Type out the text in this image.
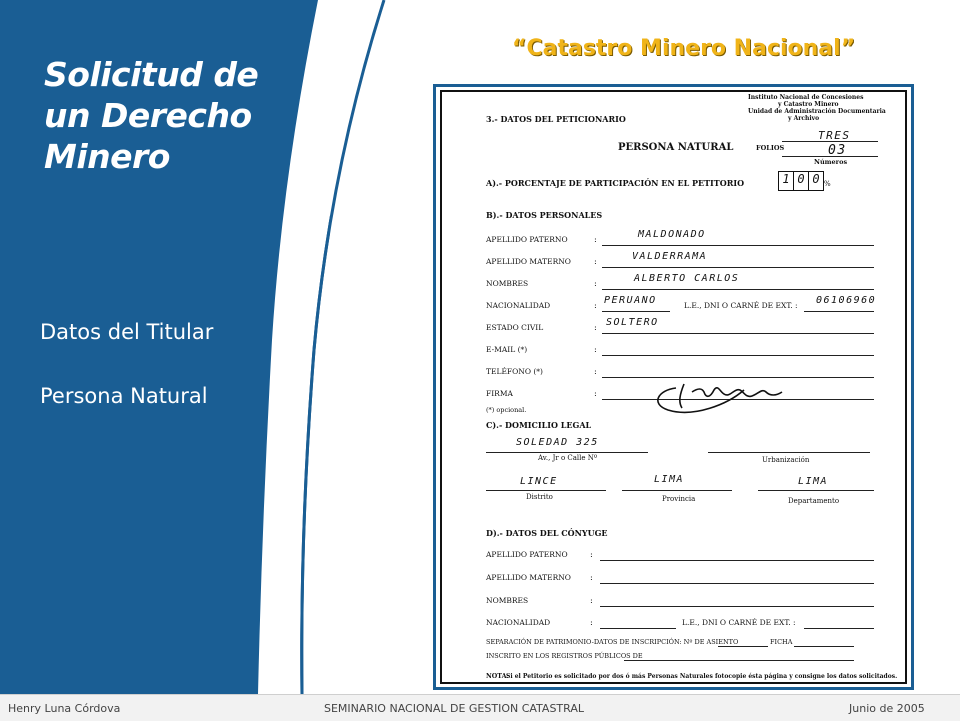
Solicitud de
un Derecho
Minero
Datos del Titular
Persona Natural
“Catastro Minero Nacional”
Instituto Nacional de Concesiones
y Catastro Minero
Unidad de Administración Documentaria
y Archivo
3.- DATOS DEL PETICIONARIO
PERSONA NATURAL	FOLIOS
TRES
03
Números
A).- PORCENTAJE DE PARTICIPACIÓN EN EL PETITORIO	1 0 0 %
B).- DATOS PERSONALES
APELLIDO PATERNO	:	MALDONADO
APELLIDO MATERNO	:	VALDERRAMA
NOMBRES	:	ALBERTO CARLOS
NACIONALIDAD	: PERUANO	L.E., DNI O CARNÉ DE EXT. : 06106960
ESTADO CIVIL	: SOLTERO
E-MAIL (*)	:
TELÉFONO (*)	:
FIRMA	:
(*) opcional.
C).- DOMICILIO LEGAL
SOLEDAD 325
Av., Jr o Calle Nº	Urbanización
LINCE	LIMA	LIMA
Distrito	Provincia	Departamento
D).- DATOS DEL CÓNYUGE
APELLIDO PATERNO	:
APELLIDO MATERNO :
NOMBRES	:
NACIONALIDAD	:	L.E., DNI O CARNÉ DE EXT. :
SEPARACIÓN DE PATRIMONIO-DATOS DE INSCRIPCIÓN: Nº DE ASIENTO	FICHA
INSCRITO EN LOS REGISTROS PÚBLICOS DE
NOTA:
Si el Petitorio es solicitado por dos ó más Personas Naturales fotocopie ésta página y consigne los datos solicitados.
Henry Luna Córdova	SEMINARIO NACIONAL DE GESTION CATASTRAL	Junio de 2005
